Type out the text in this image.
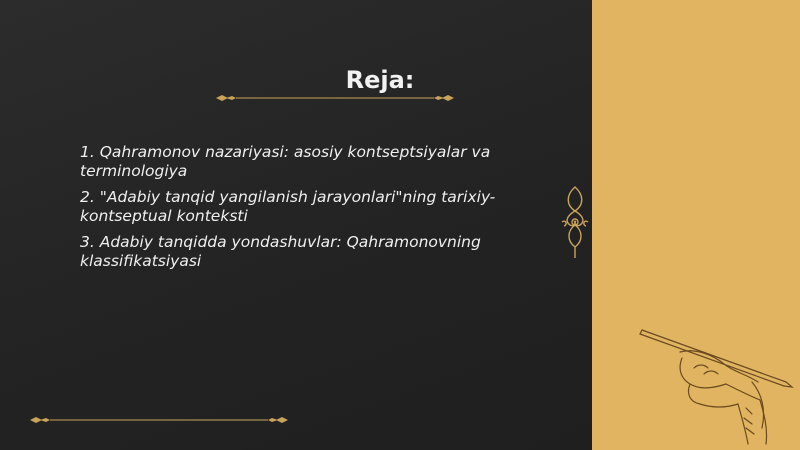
Reja:
1. Qahramonov nazariyasi: asosiy kontseptsiyalar va terminologiya
2. "Adabiy tanqid yangilanish jarayonlari"ning tarixiy-kontseptual konteksti
3. Adabiy tanqidda yondashuvlar: Qahramonovning klassifikatsiyasi
